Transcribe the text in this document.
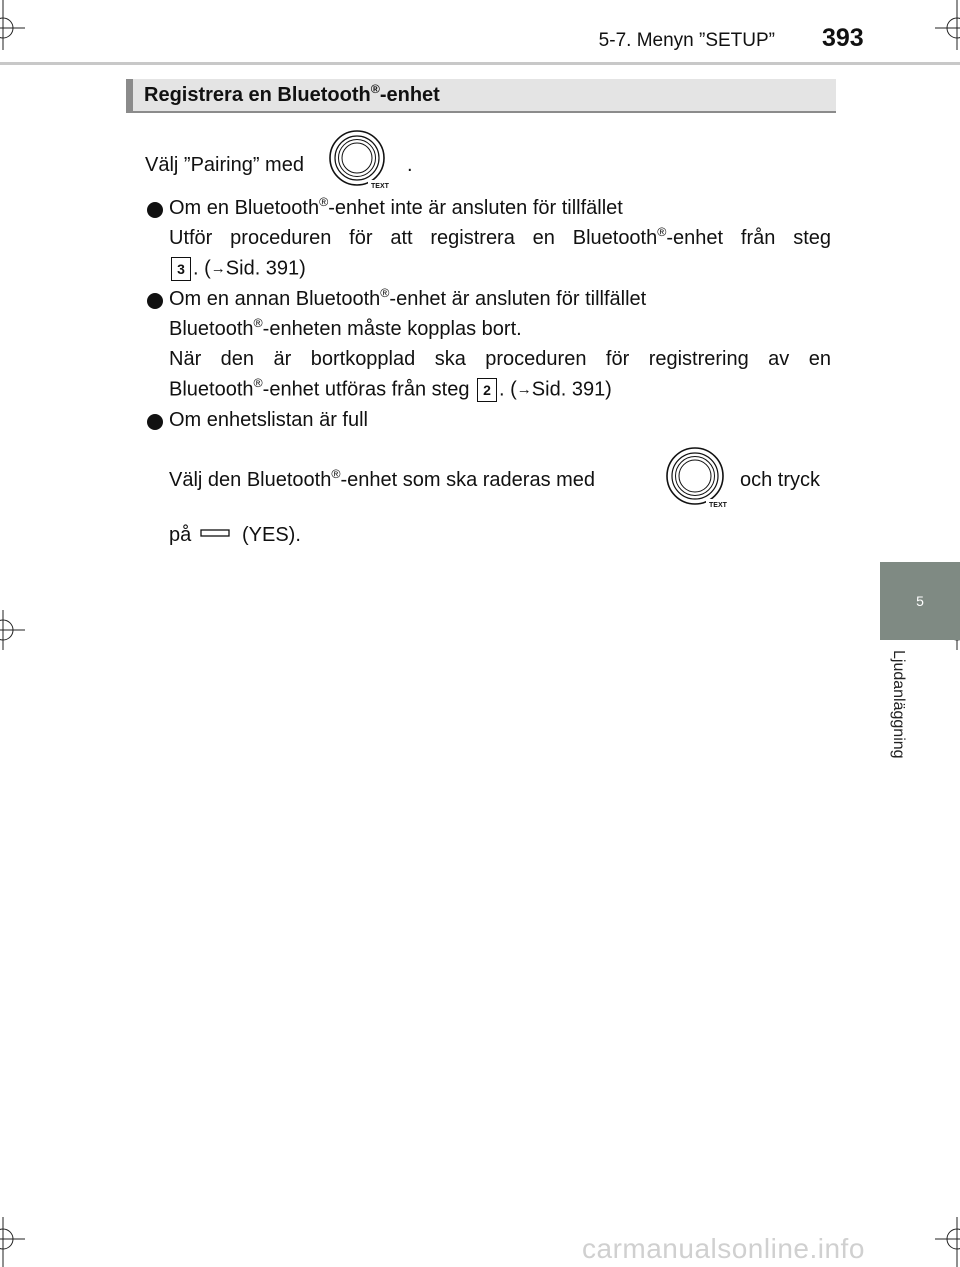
5-7. Menyn ”SETUP” 393
5
Ljudanläggning
Registrera en Bluetooth®-enhet
Välj ”Pairing” med
TEXT
.
Om en Bluetooth®-enhet inte är ansluten för tillfället
Utför proceduren för att registrera en Bluetooth®-enhet från steg
3 . (→Sid. 391)
Om en annan Bluetooth®-enhet är ansluten för tillfället
Bluetooth®-enheten måste kopplas bort.
När den är bortkopplad ska proceduren för registrering av en
Bluetooth®-enhet utföras från steg 2 . (→Sid. 391)
Om enhetslistan är full
Välj den Bluetooth®-enhet som ska raderas med
TEXT
och tryck
på	(YES).
carmanualsonline.info
